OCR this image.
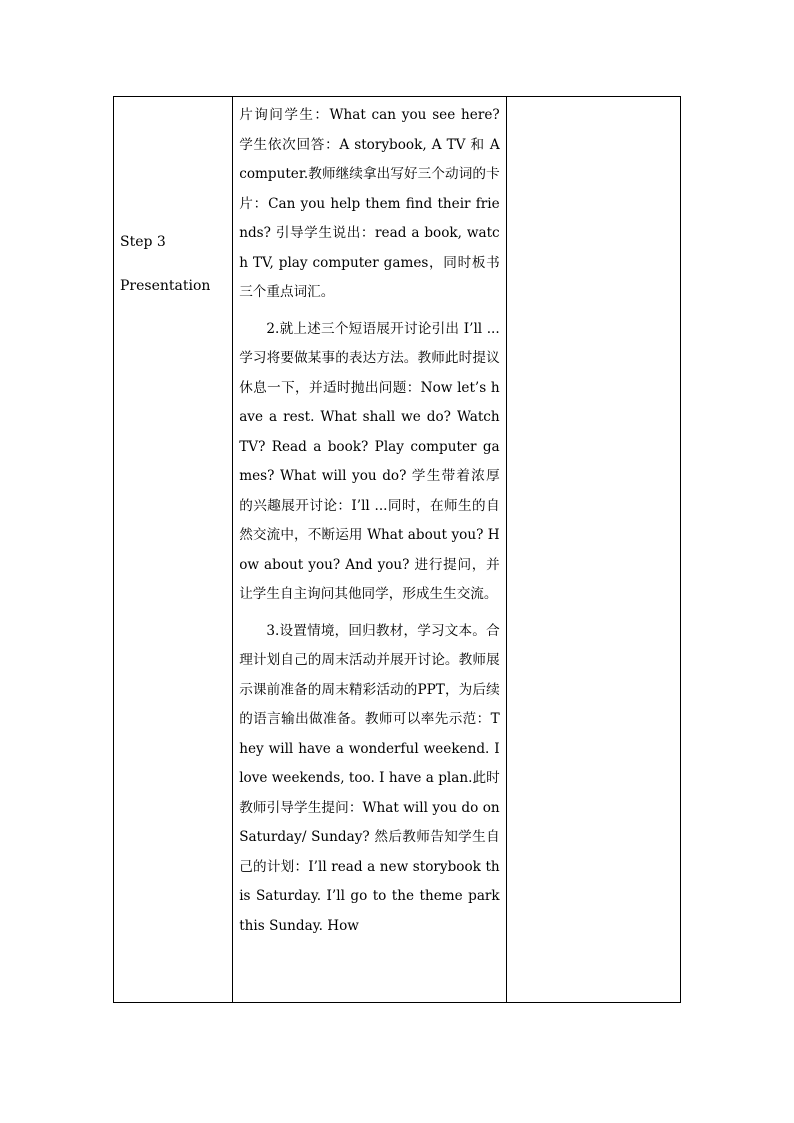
Step 3
Presentation

片询问学生：What can you see here? 学生依次回答：A storybook, A TV 和 A computer.教师继续拿出写好三个动词的卡片：Can you help them find their friends? 引导学生说出：read a book, watch TV, play computer games，同时板书三个重点词汇。

2.就上述三个短语展开讨论引出 I’ll ...学习将要做某事的表达方法。教师此时提议休息一下，并适时抛出问题：Now let’s have a rest. What shall we do? Watch TV? Read a book? Play computer games? What will you do? 学生带着浓厚的兴趣展开讨论：I’ll ...同时，在师生的自然交流中，不断运用 What about you? How about you? And you? 进行提问，并让学生自主询问其他同学，形成生生交流。

3.设置情境，回归教材，学习文本。合理计划自己的周末活动并展开讨论。教师展示课前准备的周末精彩活动的PPT，为后续的语言输出做准备。教师可以率先示范：They will have a wonderful weekend. I love weekends, too. I have a plan.此时教师引导学生提问：What will you do on Saturday/ Sunday? 然后教师告知学生自己的计划：I’ll read a new storybook this Saturday. I’ll go to the theme park this Sunday. How
